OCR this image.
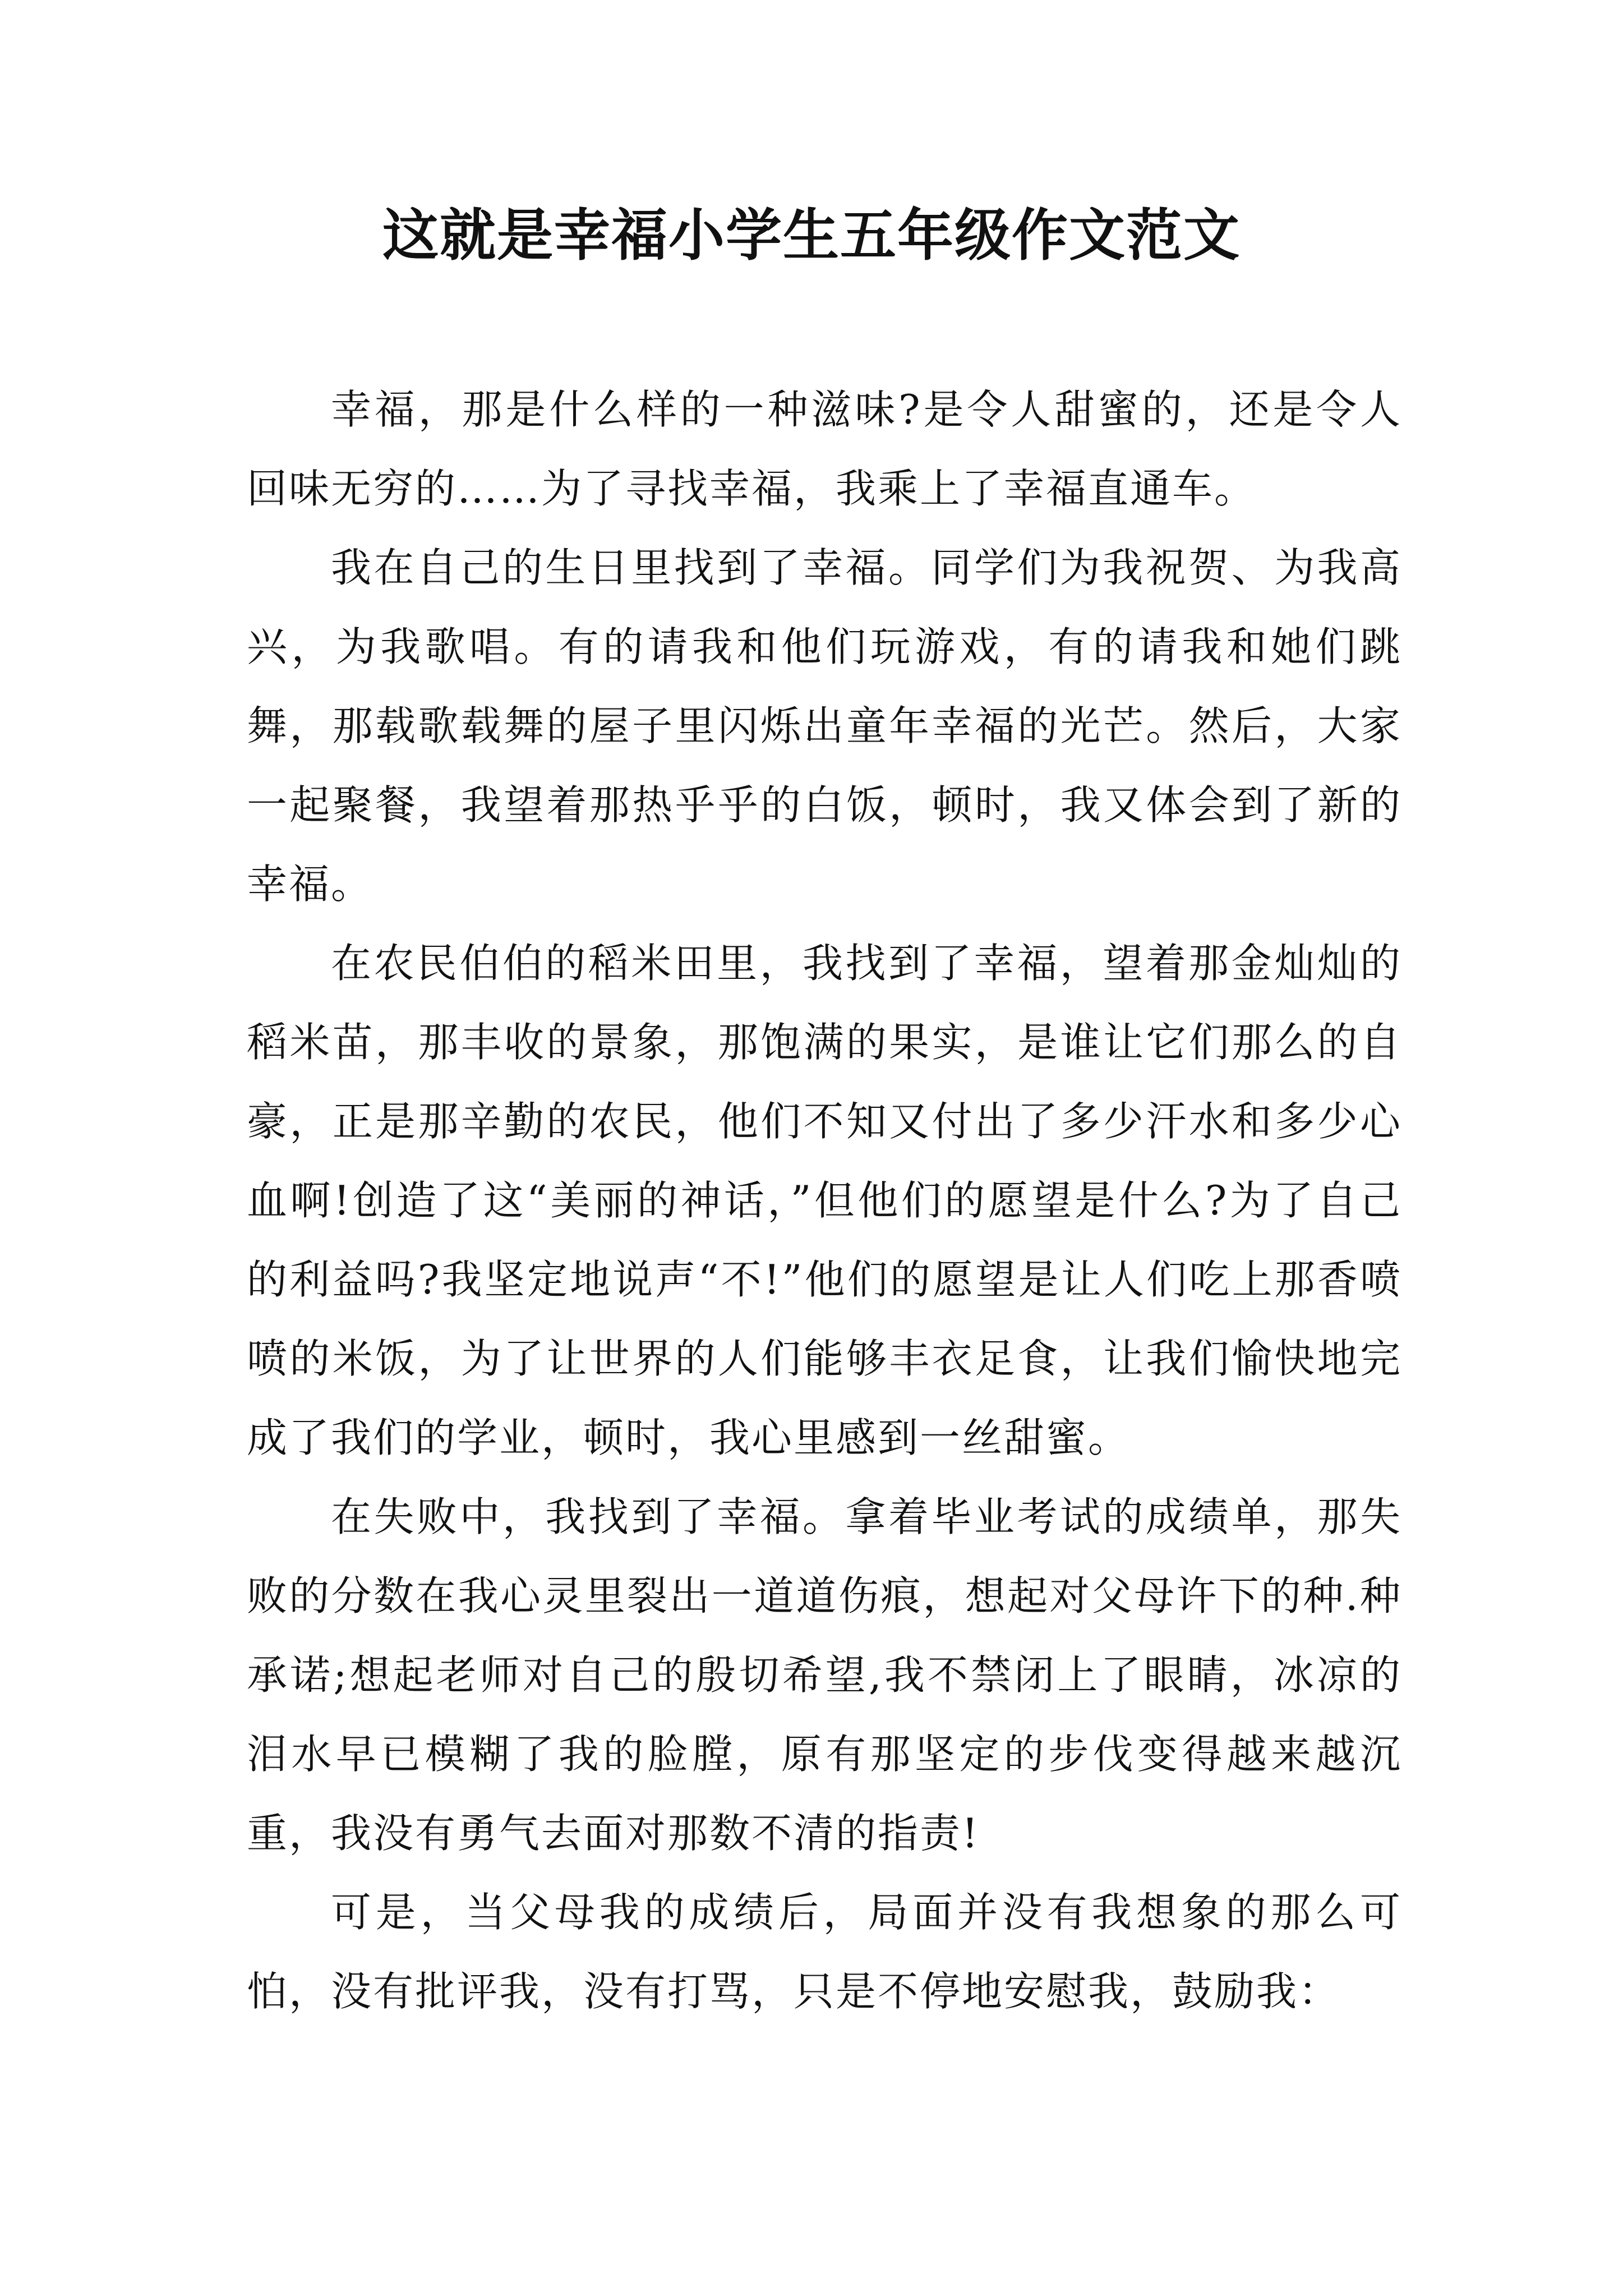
这就是幸福小学生五年级作文范文

幸福，那是什么样的一种滋味?是令人甜蜜的，还是令人回味无穷的……为了寻找幸福，我乘上了幸福直通车。

我在自己的生日里找到了幸福。同学们为我祝贺、为我高兴，为我歌唱。有的请我和他们玩游戏，有的请我和她们跳舞，那载歌载舞的屋子里闪烁出童年幸福的光芒。然后，大家一起聚餐，我望着那热乎乎的白饭，顿时，我又体会到了新的幸福。

在农民伯伯的稻米田里，我找到了幸福，望着那金灿灿的稻米苗，那丰收的景象，那饱满的果实，是谁让它们那么的自豪，正是那辛勤的农民，他们不知又付出了多少汗水和多少心血啊!创造了这“美丽的神话，”但他们的愿望是什么?为了自己的利益吗?我坚定地说声“不!”他们的愿望是让人们吃上那香喷喷的米饭，为了让世界的人们能够丰衣足食，让我们愉快地完成了我们的学业，顿时，我心里感到一丝甜蜜。

在失败中，我找到了幸福。拿着毕业考试的成绩单，那失败的分数在我心灵里裂出一道道伤痕，想起对父母许下的种.种承诺;想起老师对自己的殷切希望,我不禁闭上了眼睛，冰凉的泪水早已模糊了我的脸膛，原有那坚定的步伐变得越来越沉重，我没有勇气去面对那数不清的指责!

可是，当父母我的成绩后，局面并没有我想象的那么可怕，没有批评我，没有打骂，只是不停地安慰我，鼓励我：
